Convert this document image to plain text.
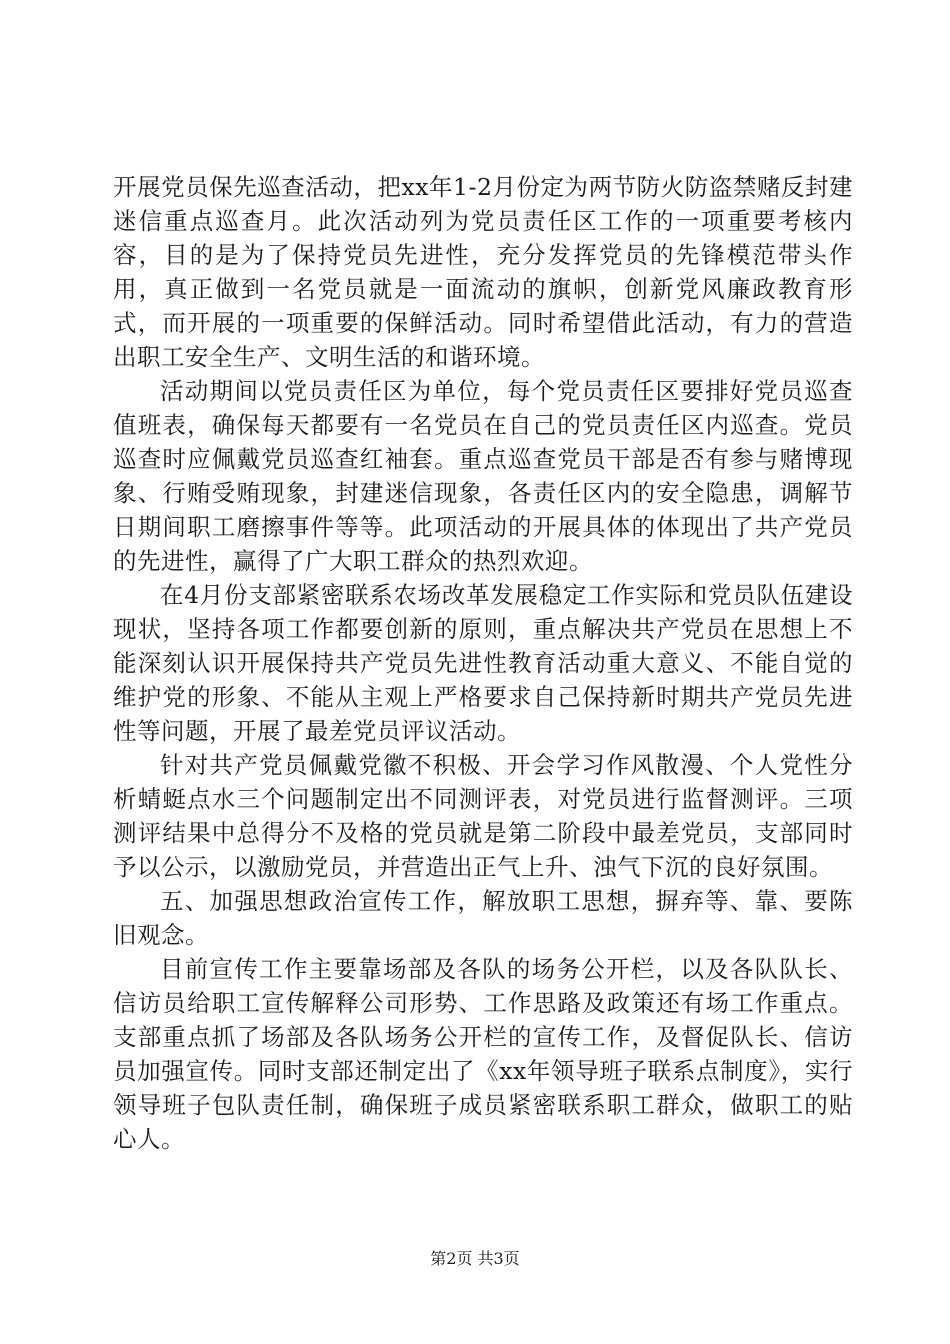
开展党员保先巡查活动，把xx年1-2月份定为两节防火防盗禁赌反封建迷信重点巡查月。此次活动列为党员责任区工作的一项重要考核内容，目的是为了保持党员先进性，充分发挥党员的先锋模范带头作用，真正做到一名党员就是一面流动的旗帜，创新党风廉政教育形式，而开展的一项重要的保鲜活动。同时希望借此活动，有力的营造出职工安全生产、文明生活的和谐环境。

活动期间以党员责任区为单位，每个党员责任区要排好党员巡查值班表，确保每天都要有一名党员在自己的党员责任区内巡查。党员巡查时应佩戴党员巡查红袖套。重点巡查党员干部是否有参与赌博现象、行贿受贿现象，封建迷信现象，各责任区内的安全隐患，调解节日期间职工磨擦事件等等。此项活动的开展具体的体现出了共产党员的先进性，赢得了广大职工群众的热烈欢迎。

在4月份支部紧密联系农场改革发展稳定工作实际和党员队伍建设现状，坚持各项工作都要创新的原则，重点解决共产党员在思想上不能深刻认识开展保持共产党员先进性教育活动重大意义、不能自觉的维护党的形象、不能从主观上严格要求自己保持新时期共产党员先进性等问题，开展了最差党员评议活动。

针对共产党员佩戴党徽不积极、开会学习作风散漫、个人党性分析蜻蜓点水三个问题制定出不同测评表，对党员进行监督测评。三项测评结果中总得分不及格的党员就是第二阶段中最差党员，支部同时予以公示，以激励党员，并营造出正气上升、浊气下沉的良好氛围。

五、加强思想政治宣传工作，解放职工思想，摒弃等、靠、要陈旧观念。

目前宣传工作主要靠场部及各队的场务公开栏，以及各队队长、信访员给职工宣传解释公司形势、工作思路及政策还有场工作重点。支部重点抓了场部及各队场务公开栏的宣传工作，及督促队长、信访员加强宣传。同时支部还制定出了《xx年领导班子联系点制度》，实行领导班子包队责任制，确保班子成员紧密联系职工群众，做职工的贴心人。

第2页 共3页
